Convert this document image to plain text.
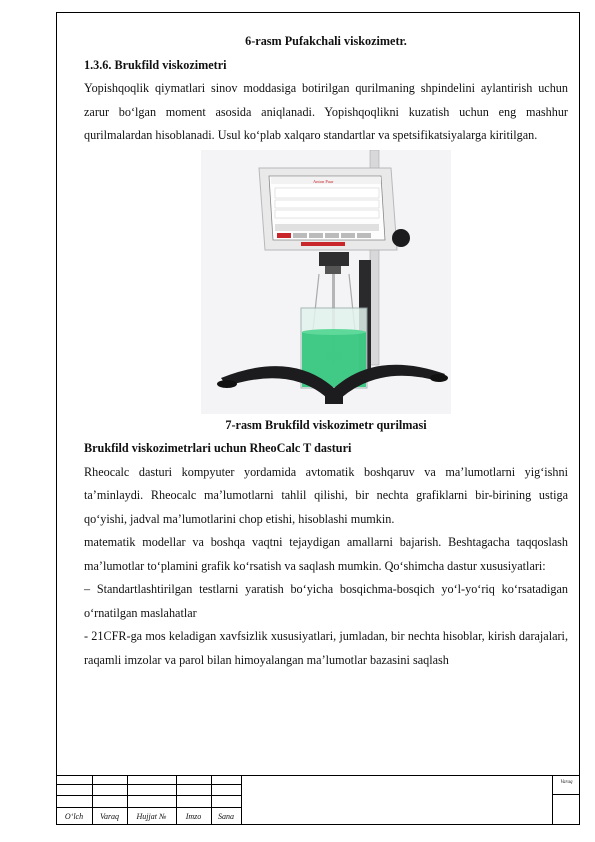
6-rasm Pufakchali viskozimetr.

1.3.6. Brukfild viskozimetri

Yopishqoqlik qiymatlari sinov moddasiga botirilgan qurilmaning shpindelini aylantirish uchun zarur bo‘lgan moment asosida aniqlanadi. Yopishqoqlikni kuzatish uchun eng mashhur qurilmalardan hisoblanadi. Usul ko‘plab xalqaro standartlar va spetsifikatsiyalarga kiritilgan.

Anton Paar

7-rasm Brukfild viskozimetr qurilmasi

Brukfild viskozimetrlari uchun RheoCalc T dasturi

Rheocalc dasturi kompyuter yordamida avtomatik boshqaruv va ma’lumotlarni yig‘ishni ta’minlaydi. Rheocalc ma’lumotlarni tahlil qilishi, bir nechta grafiklarni bir-birining ustiga qo‘yishi, jadval ma’lumotlarini chop etishi, hisoblashi mumkin.

matematik modellar va boshqa vaqtni tejaydigan amallarni bajarish. Beshtagacha taqqoslash ma’lumotlar to‘plamini grafik ko‘rsatish va saqlash mumkin. Qo‘shimcha dastur xususiyatlari:

– Standartlashtirilgan testlarni yaratish bo‘yicha bosqichma-bosqich yo‘l-yo‘riq ko‘rsatadigan o‘rnatilgan maslahatlar

- 21CFR-ga mos keladigan xavfsizlik xususiyatlari, jumladan, bir nechta hisoblar, kirish darajalari, raqamli imzolar va parol bilan himoyalangan ma’lumotlar bazasini saqlash

O‘lch	Varaq	Hujjat №	Imzo	Sana
Varaq
